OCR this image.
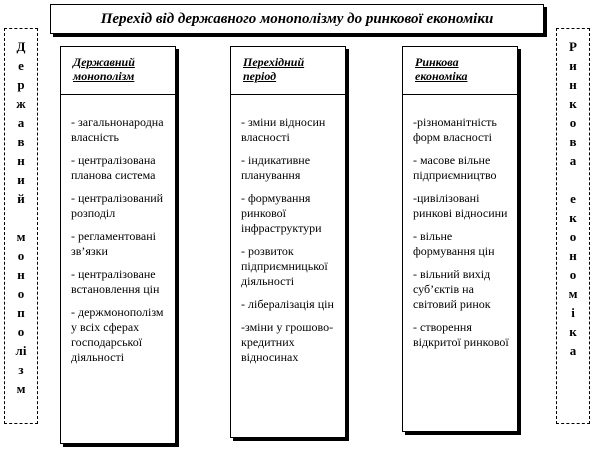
Перехід від державного монополізму до ринкової економіки
Д
е
р
ж
а
в
н
и
й
м
о
н
о
п
о
лі
з
м
Р
и
н
к
о
в
а
е
к
о
н
о
м
і
к
а
Державний монополізм
- загальнонародна власність
- централізована планова система
- централізований розподіл
- регламентовані зв’язки
- централізоване встановлення цін
- держмонополізм у всіх сферах господарської діяльності
Перехідний період
- зміни відносин власності
- індикативне планування
- формування ринкової інфраструктури
- розвиток підприємницької діяльності
- лібералізація цін
-зміни у грошово-кредитних відносинах
Ринкова економіка
-різноманітність форм власності
- масове вільне підприємництво
-цивілізовані ринкові відносини
- вільне формування цін
- вільний вихід суб’єктів на світовий ринок
- створення відкритої ринкової
